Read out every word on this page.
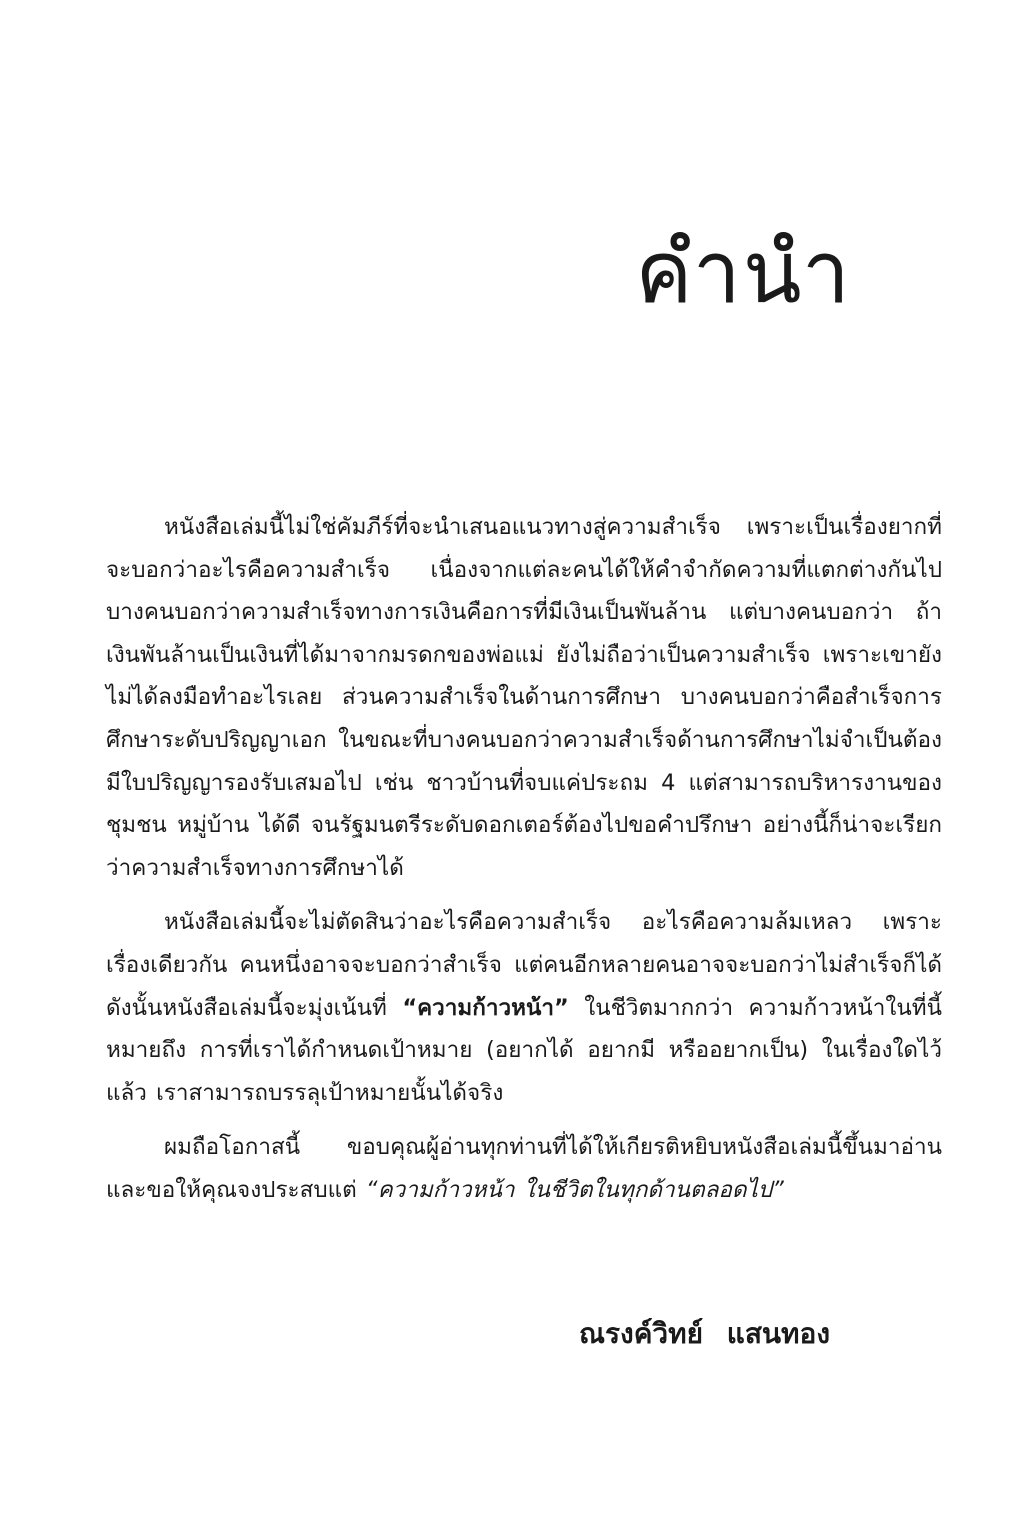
คำนำ

หนังสือเล่มนี้ไม่ใช่คัมภีร์ที่จะนำเสนอแนวทางสู่ความสำเร็จ เพราะเป็นเรื่องยากที่จะบอกว่าอะไรคือความสำเร็จ เนื่องจากแต่ละคนได้ให้คำจำกัดความที่แตกต่างกันไป บางคนบอกว่าความสำเร็จทางการเงินคือการที่มีเงินเป็นพันล้าน แต่บางคนบอกว่า ถ้าเงินพันล้านเป็นเงินที่ได้มาจากมรดกของพ่อแม่ ยังไม่ถือว่าเป็นความสำเร็จ เพราะเขายังไม่ได้ลงมือทำอะไรเลย ส่วนความสำเร็จในด้านการศึกษา บางคนบอกว่าคือสำเร็จการศึกษาระดับปริญญาเอก ในขณะที่บางคนบอกว่าความสำเร็จด้านการศึกษาไม่จำเป็นต้องมีใบปริญญารองรับเสมอไป เช่น ชาวบ้านที่จบแค่ประถม 4 แต่สามารถบริหารงานของชุมชน หมู่บ้าน ได้ดี จนรัฐมนตรีระดับดอกเตอร์ต้องไปขอคำปรึกษา อย่างนี้ก็น่าจะเรียกว่าความสำเร็จทางการศึกษาได้

หนังสือเล่มนี้จะไม่ตัดสินว่าอะไรคือความสำเร็จ อะไรคือความล้มเหลว เพราะเรื่องเดียวกัน คนหนึ่งอาจจะบอกว่าสำเร็จ แต่คนอีกหลายคนอาจจะบอกว่าไม่สำเร็จก็ได้ ดังนั้นหนังสือเล่มนี้จะมุ่งเน้นที่ “ความก้าวหน้า” ในชีวิตมากกว่า ความก้าวหน้าในที่นี้หมายถึง การที่เราได้กำหนดเป้าหมาย (อยากได้ อยากมี หรืออยากเป็น) ในเรื่องใดไว้แล้ว เราสามารถบรรลุเป้าหมายนั้นได้จริง

ผมถือโอกาสนี้ ขอบคุณผู้อ่านทุกท่านที่ได้ให้เกียรติหยิบหนังสือเล่มนี้ขึ้นมาอ่าน และขอให้คุณจงประสบแต่ “ความก้าวหน้า ในชีวิตในทุกด้านตลอดไป”

ณรงค์วิทย์ แสนทอง
